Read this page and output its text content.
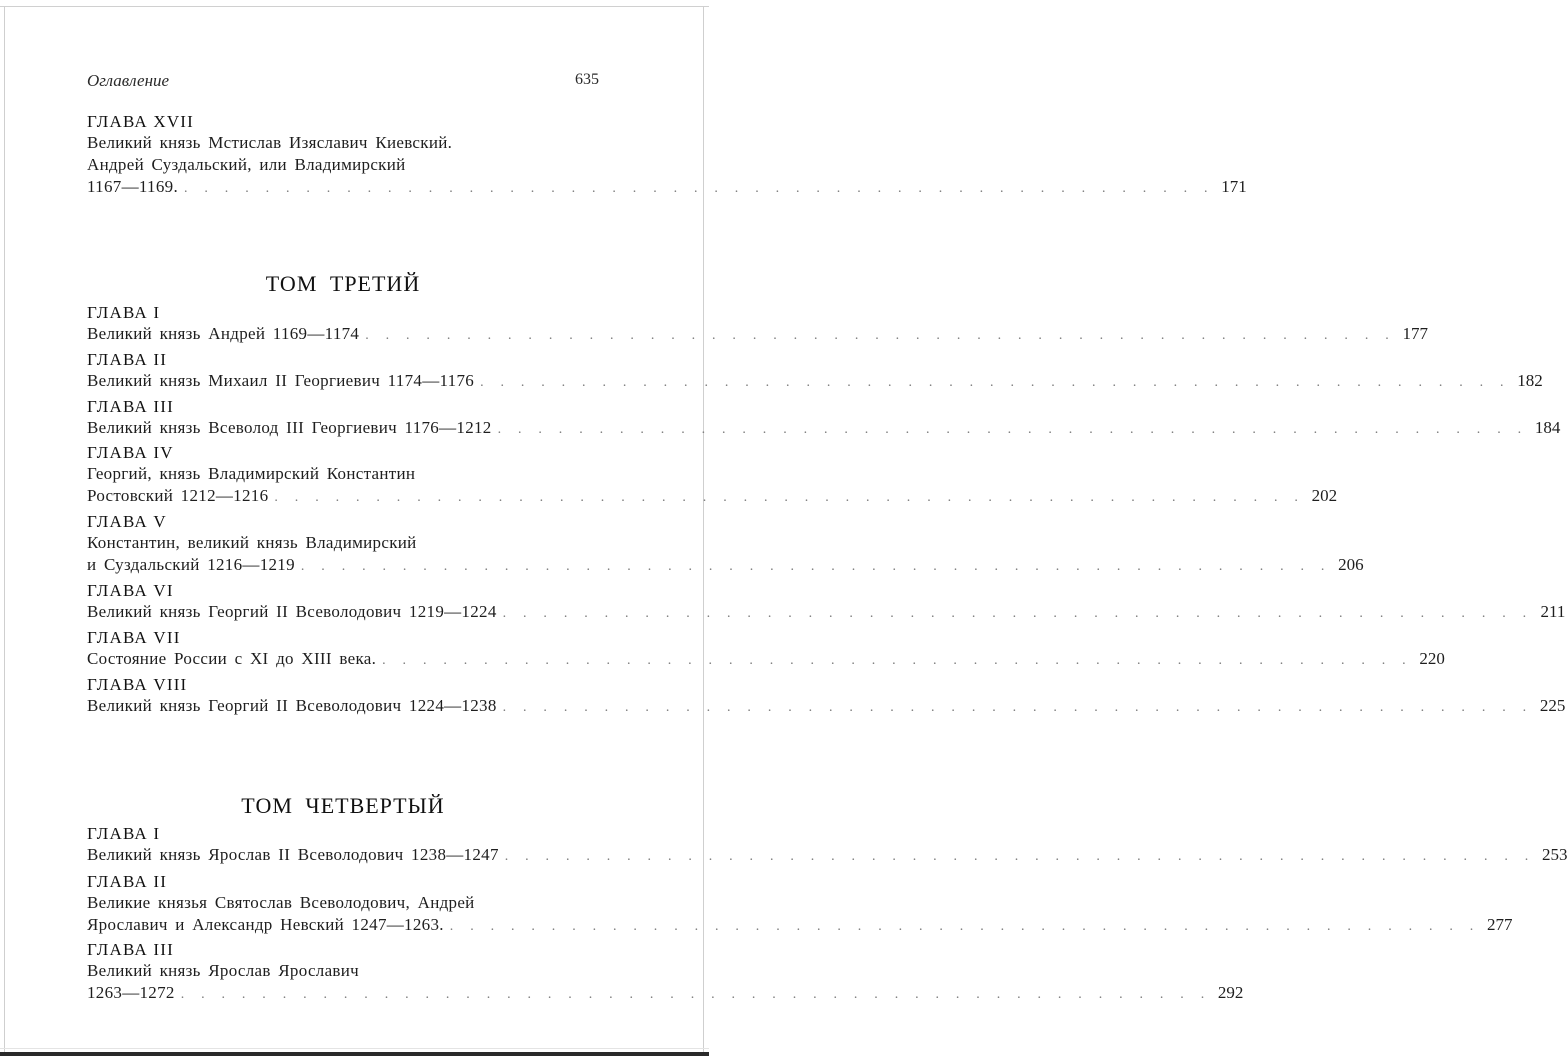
Оглавление	635
ГЛАВА XVII
Великий князь Мстислав Изяславич Киевский.
Андрей Суздальский, или Владимирский
1167—1169. . . . . . . . . . . . . . . . . . . . . . . . . . . . . . . . . . . . . . . . . . . . . . . . . . . . 171
ТОМ ТРЕТИЙ
ГЛАВА I
Великий князь Андрей 1169—1174 . . . . . . . . . . . . . . . . . . . . . . . . . . . . . . . . . . . . . . . . . . . . . . . . . . . 177
ГЛАВА II
Великий князь Михаил II Георгиевич 1174—1176 . . . . . . . . . . . . . . . . . . . . . . . . . . . . . . . . . . . . . . . . . . . . . . . . . . . 182
ГЛАВА III
Великий князь Всеволод III Георгиевич 1176—1212 . . . . . . . . . . . . . . . . . . . . . . . . . . . . . . . . . . . . . . . . . . . . . . . . . . . 184
ГЛАВА IV
Георгий, князь Владимирский Константин
Ростовский 1212—1216 . . . . . . . . . . . . . . . . . . . . . . . . . . . . . . . . . . . . . . . . . . . . . . . . . . . 202
ГЛАВА V
Константин, великий князь Владимирский
и Суздальский 1216—1219 . . . . . . . . . . . . . . . . . . . . . . . . . . . . . . . . . . . . . . . . . . . . . . . . . . . 206
ГЛАВА VI
Великий князь Георгий II Всеволодович 1219—1224 . . . . . . . . . . . . . . . . . . . . . . . . . . . . . . . . . . . . . . . . . . . . . . . . . . . 211
ГЛАВА VII
Состояние России с XI до XIII века. . . . . . . . . . . . . . . . . . . . . . . . . . . . . . . . . . . . . . . . . . . . . . . . . . . . 220
ГЛАВА VIII
Великий князь Георгий II Всеволодович 1224—1238 . . . . . . . . . . . . . . . . . . . . . . . . . . . . . . . . . . . . . . . . . . . . . . . . . . . 225
ТОМ ЧЕТВЕРТЫЙ
ГЛАВА I
Великий князь Ярослав II Всеволодович 1238—1247 . . . . . . . . . . . . . . . . . . . . . . . . . . . . . . . . . . . . . . . . . . . . . . . . . . . 253
ГЛАВА II
Великие князья Святослав Всеволодович, Андрей
Ярославич и Александр Невский 1247—1263. . . . . . . . . . . . . . . . . . . . . . . . . . . . . . . . . . . . . . . . . . . . . . . . . . . . 277
ГЛАВА III
Великий князь Ярослав Ярославич
1263—1272 . . . . . . . . . . . . . . . . . . . . . . . . . . . . . . . . . . . . . . . . . . . . . . . . . . . 292
